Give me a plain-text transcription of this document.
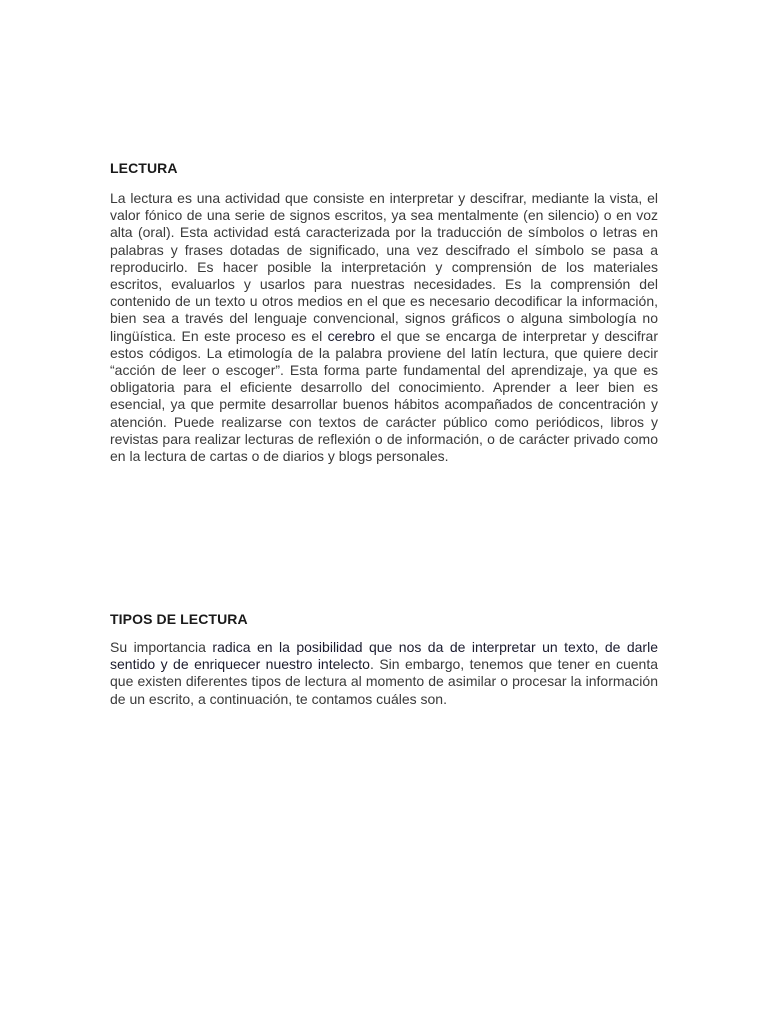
LECTURA

La lectura es una actividad que consiste en interpretar y descifrar, mediante la vista, el valor fónico de una serie de signos escritos, ya sea mentalmente (en silencio) o en voz alta (oral). Esta actividad está caracterizada por la traducción de símbolos o letras en palabras y frases dotadas de significado, una vez descifrado el símbolo se pasa a reproducirlo. Es hacer posible la interpretación y comprensión de los materiales escritos, evaluarlos y usarlos para nuestras necesidades. Es la comprensión del contenido de un texto u otros medios en el que es necesario decodificar la información, bien sea a través del lenguaje convencional, signos gráficos o alguna simbología no lingüística. En este proceso es el cerebro el que se encarga de interpretar y descifrar estos códigos. La etimología de la palabra proviene del latín lectura, que quiere decir “acción de leer o escoger”. Esta forma parte fundamental del aprendizaje, ya que es obligatoria para el eficiente desarrollo del conocimiento. Aprender a leer bien es esencial, ya que permite desarrollar buenos hábitos acompañados de concentración y atención. Puede realizarse con textos de carácter público como periódicos, libros y revistas para realizar lecturas de reflexión o de información, o de carácter privado como en la lectura de cartas o de diarios y blogs personales.

TIPOS DE LECTURA

Su importancia radica en la posibilidad que nos da de interpretar un texto, de darle sentido y de enriquecer nuestro intelecto. Sin embargo, tenemos que tener en cuenta que existen diferentes tipos de lectura al momento de asimilar o procesar la información de un escrito, a continuación, te contamos cuáles son.
